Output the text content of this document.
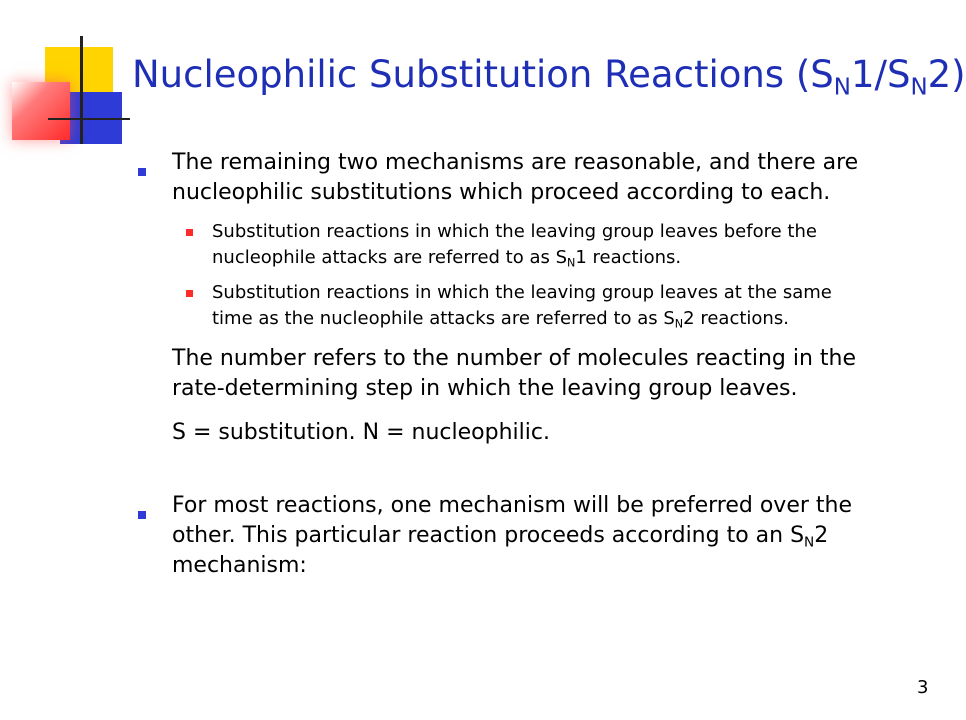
Nucleophilic Substitution Reactions $(S_N1/S_N2)$
The remaining two mechanisms are reasonable, and there are
nucleophilic substitutions which proceed according to each.
Substitution reactions in which the leaving group leaves before the
nucleophile attacks are referred to as $S_N1$ reactions.
Substitution reactions in which the leaving group leaves at the same
time as the nucleophile attacks are referred to as $S_N2$ reactions.
The number refers to the number of molecules reacting in the
rate-determining step in which the leaving group leaves.
S = substitution. N = nucleophilic.
For most reactions, one mechanism will be preferred over the
other. This particular reaction proceeds according to an $S_N2$
mechanism:
3
